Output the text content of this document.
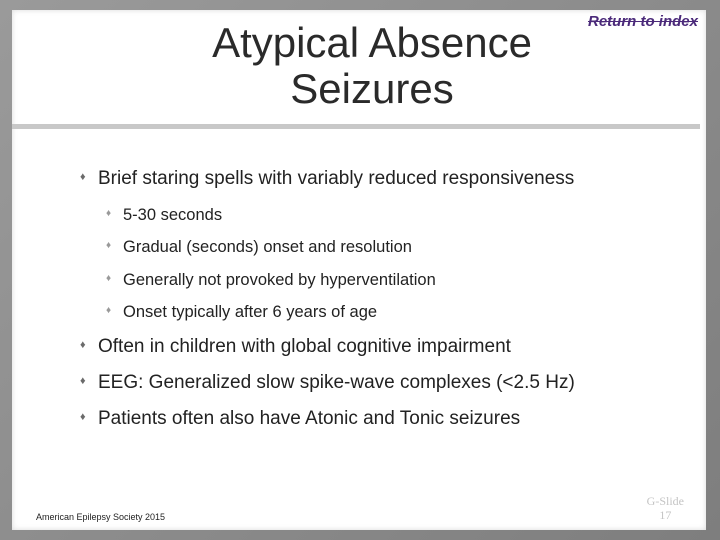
Atypical Absence
Seizures
Return to index
♦ Brief staring spells with variably reduced responsiveness
♦ 5-30 seconds
♦ Gradual (seconds) onset and resolution
♦ Generally not provoked by hyperventilation
♦ Onset typically after 6 years of age
♦ Often in children with global cognitive impairment
♦ EEG: Generalized slow spike-wave complexes (<2.5 Hz)
♦ Patients often also have Atonic and Tonic seizures
American Epilepsy Society 2015
G-Slide
17
